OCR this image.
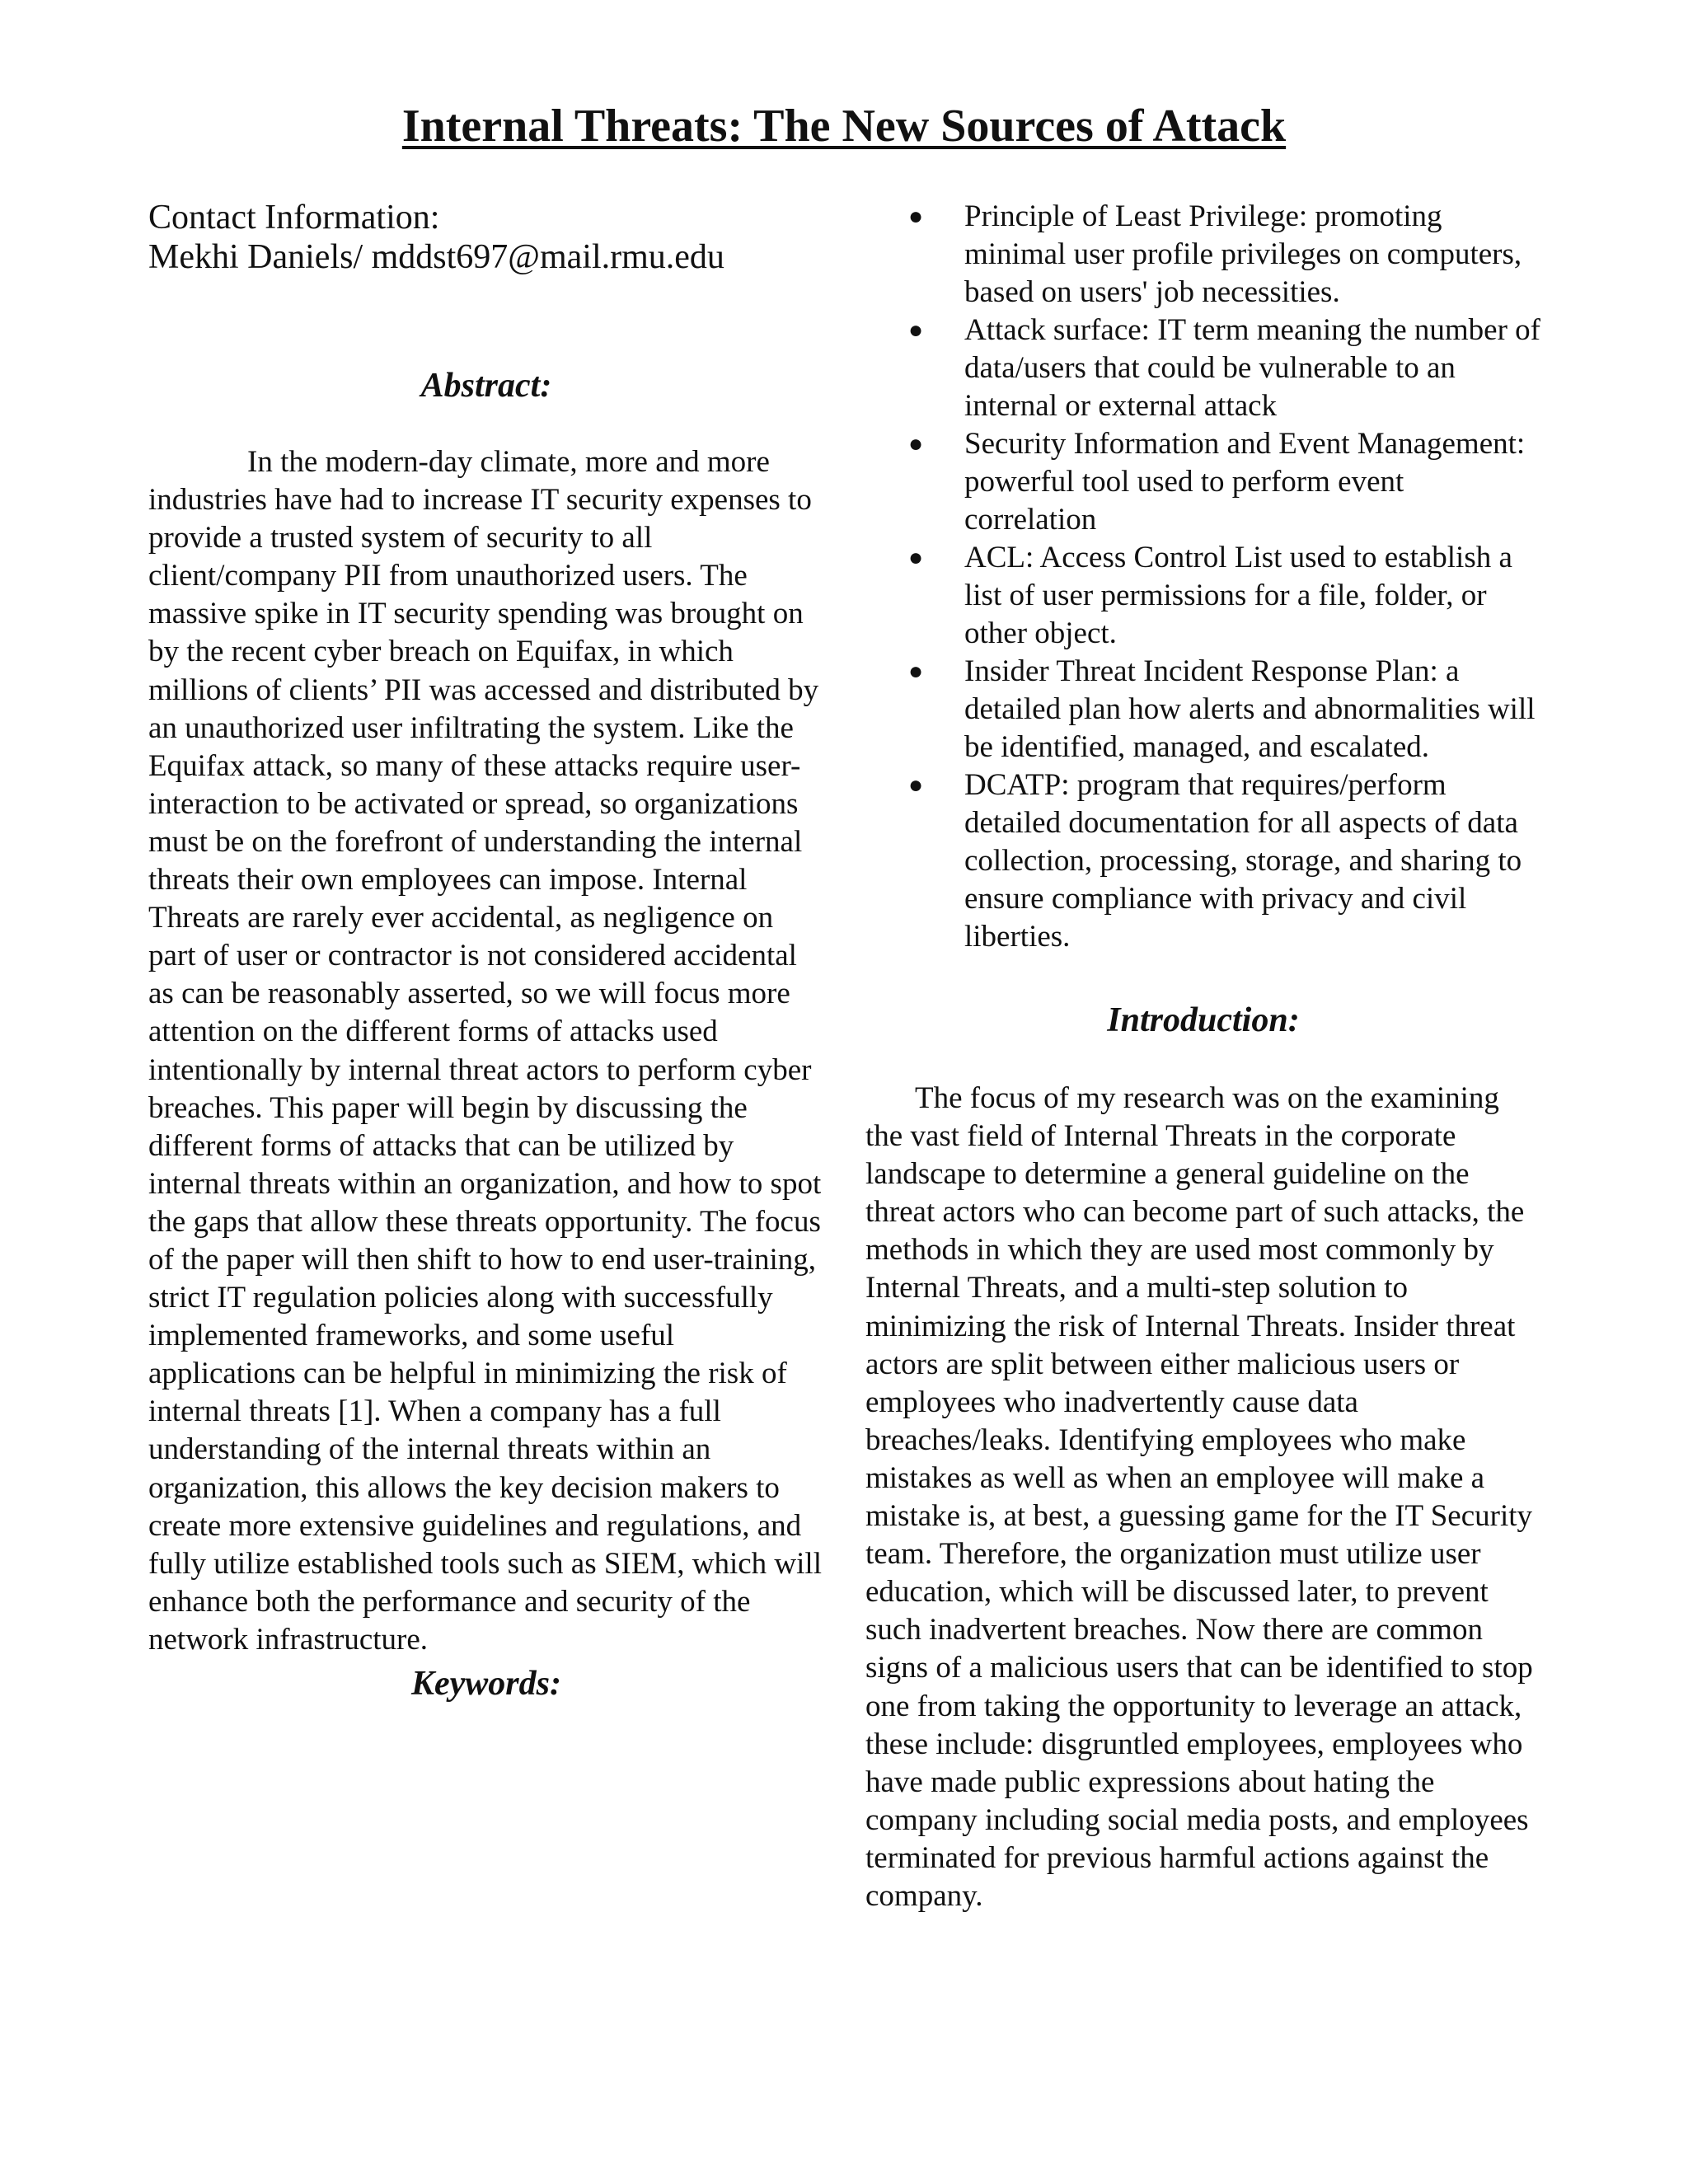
Internal Threats: The New Sources of Attack
Contact Information:
Mekhi Daniels/ mddst697@mail.rmu.edu
Abstract:

In the modern-day climate, more and more industries have had to increase IT security expenses to provide a trusted system of security to all client/company PII from unauthorized users. The massive spike in IT security spending was brought on by the recent cyber breach on Equifax, in which millions of clients’ PII was accessed and distributed by an unauthorized user infiltrating the system. Like the Equifax attack, so many of these attacks require user-interaction to be activated or spread, so organizations must be on the forefront of understanding the internal threats their own employees can impose. Internal Threats are rarely ever accidental, as negligence on part of user or contractor is not considered accidental as can be reasonably asserted, so we will focus more attention on the different forms of attacks used intentionally by internal threat actors to perform cyber breaches. This paper will begin by discussing the different forms of attacks that can be utilized by internal threats within an organization, and how to spot the gaps that allow these threats opportunity. The focus of the paper will then shift to how to end user-training, strict IT regulation policies along with successfully implemented frameworks, and some useful applications can be helpful in minimizing the risk of internal threats [1]. When a company has a full understanding of the internal threats within an organization, this allows the key decision makers to create more extensive guidelines and regulations, and fully utilize established tools such as SIEM, which will enhance both the performance and security of the network infrastructure.

Keywords:
● Principle of Least Privilege: promoting minimal user profile privileges on computers, based on users' job necessities.
● Attack surface: IT term meaning the number of data/users that could be vulnerable to an internal or external attack
● Security Information and Event Management: powerful tool used to perform event correlation
● ACL: Access Control List used to establish a list of user permissions for a file, folder, or other object.
● Insider Threat Incident Response Plan: a detailed plan how alerts and abnormalities will be identified, managed, and escalated.
● DCATP: program that requires/perform detailed documentation for all aspects of data collection, processing, storage, and sharing to ensure compliance with privacy and civil liberties.
Introduction:

The focus of my research was on the examining the vast field of Internal Threats in the corporate landscape to determine a general guideline on the threat actors who can become part of such attacks, the methods in which they are used most commonly by Internal Threats, and a multi-step solution to minimizing the risk of Internal Threats. Insider threat actors are split between either malicious users or employees who inadvertently cause data breaches/leaks. Identifying employees who make mistakes as well as when an employee will make a mistake is, at best, a guessing game for the IT Security team. Therefore, the organization must utilize user education, which will be discussed later, to prevent such inadvertent breaches. Now there are common signs of a malicious users that can be identified to stop one from taking the opportunity to leverage an attack, these include: disgruntled employees, employees who have made public expressions about hating the company including social media posts, and employees terminated for previous harmful actions against the company.
